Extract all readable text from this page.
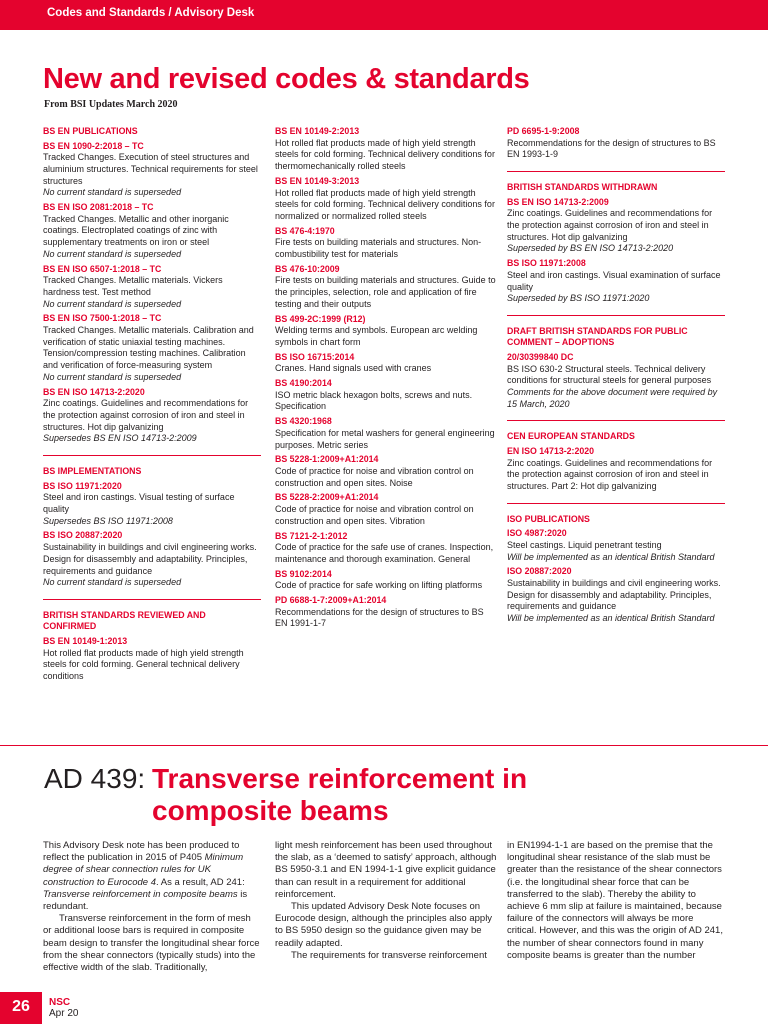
Codes and Standards / Advisory Desk
New and revised codes & standards
From BSI Updates March 2020
BS EN PUBLICATIONS
BS EN 1090-2:2018 – TC
Tracked Changes. Execution of steel structures and aluminium structures. Technical requirements for steel structures
No current standard is superseded
BS EN ISO 2081:2018 – TC
Tracked Changes. Metallic and other inorganic coatings. Electroplated coatings of zinc with supplementary treatments on iron or steel
No current standard is superseded
BS EN ISO 6507-1:2018 – TC
Tracked Changes. Metallic materials. Vickers hardness test. Test method
No current standard is superseded
BS EN ISO 7500-1:2018 – TC
Tracked Changes. Metallic materials. Calibration and verification of static uniaxial testing machines. Tension/compression testing machines. Calibration and verification of force-measuring system
No current standard is superseded
BS EN ISO 14713-2:2020
Zinc coatings. Guidelines and recommendations for the protection against corrosion of iron and steel in structures. Hot dip galvanizing
Supersedes BS EN ISO 14713-2:2009
BS IMPLEMENTATIONS
BS ISO 11971:2020
Steel and iron castings. Visual testing of surface quality
Supersedes BS ISO 11971:2008
BS ISO 20887:2020
Sustainability in buildings and civil engineering works. Design for disassembly and adaptability. Principles, requirements and guidance
No current standard is superseded
BRITISH STANDARDS REVIEWED AND CONFIRMED
BS EN 10149-1:2013
Hot rolled flat products made of high yield strength steels for cold forming. General technical delivery conditions
BS EN 10149-2:2013
Hot rolled flat products made of high yield strength steels for cold forming. Technical delivery conditions for thermomechanically rolled steels
BS EN 10149-3:2013
Hot rolled flat products made of high yield strength steels for cold forming. Technical delivery conditions for normalized or normalized rolled steels
BS 476-4:1970
Fire tests on building materials and structures. Non-combustibility test for materials
BS 476-10:2009
Fire tests on building materials and structures. Guide to the principles, selection, role and application of fire testing and their outputs
BS 499-2C:1999 (R12)
Welding terms and symbols. European arc welding symbols in chart form
BS ISO 16715:2014
Cranes. Hand signals used with cranes
BS 4190:2014
ISO metric black hexagon bolts, screws and nuts. Specification
BS 4320:1968
Specification for metal washers for general engineering purposes. Metric series
BS 5228-1:2009+A1:2014
Code of practice for noise and vibration control on construction and open sites. Noise
BS 5228-2:2009+A1:2014
Code of practice for noise and vibration control on construction and open sites. Vibration
BS 7121-2-1:2012
Code of practice for the safe use of cranes. Inspection, maintenance and thorough examination. General
BS 9102:2014
Code of practice for safe working on lifting platforms
PD 6688-1-7:2009+A1:2014
Recommendations for the design of structures to BS EN 1991-1-7
PD 6695-1-9:2008
Recommendations for the design of structures to BS EN 1993-1-9
BRITISH STANDARDS WITHDRAWN
BS EN ISO 14713-2:2009
Zinc coatings. Guidelines and recommendations for the protection against corrosion of iron and steel in structures. Hot dip galvanizing
Superseded by BS EN ISO 14713-2:2020
BS ISO 11971:2008
Steel and iron castings. Visual examination of surface quality
Superseded by BS ISO 11971:2020
DRAFT BRITISH STANDARDS FOR PUBLIC COMMENT – ADOPTIONS
20/30399840 DC
BS ISO 630-2 Structural steels. Technical delivery conditions for structural steels for general purposes
Comments for the above document were required by 15 March, 2020
CEN EUROPEAN STANDARDS
EN ISO 14713-2:2020
Zinc coatings. Guidelines and recommendations for the protection against corrosion of iron and steel in structures. Part 2: Hot dip galvanizing
ISO PUBLICATIONS
ISO 4987:2020
Steel castings. Liquid penetrant testing
Will be implemented as an identical British Standard
ISO 20887:2020
Sustainability in buildings and civil engineering works. Design for disassembly and adaptability. Principles, requirements and guidance
Will be implemented as an identical British Standard
AD 439: Transverse reinforcement in
composite beams

This Advisory Desk note has been produced to reflect the publication in 2015 of P405 Minimum degree of shear connection rules for UK construction to Eurocode 4. As a result, AD 241: Transverse reinforcement in composite beams is redundant.

Transverse reinforcement in the form of mesh or additional loose bars is required in composite beam design to transfer the longitudinal shear force from the shear connectors (typically studs) into the effective width of the slab. Traditionally,

light mesh reinforcement has been used throughout the slab, as a ‘deemed to satisfy’ approach, although BS 5950-3.1 and EN 1994-1-1 give explicit guidance than can result in a requirement for additional reinforcement.

This updated Advisory Desk Note focuses on Eurocode design, although the principles also apply to BS 5950 design so the guidance given may be readily adapted.

The requirements for transverse reinforcement

in EN1994-1-1 are based on the premise that the longitudinal shear resistance of the slab must be greater than the resistance of the shear connectors (i.e. the longitudinal shear force that can be transferred to the slab). Thereby the ability to achieve 6 mm slip at failure is maintained, because failure of the connectors will always be more critical. However, and this was the origin of AD 241, the number of shear connectors found in many composite beams is greater than the number

26	NSC
Apr 20
